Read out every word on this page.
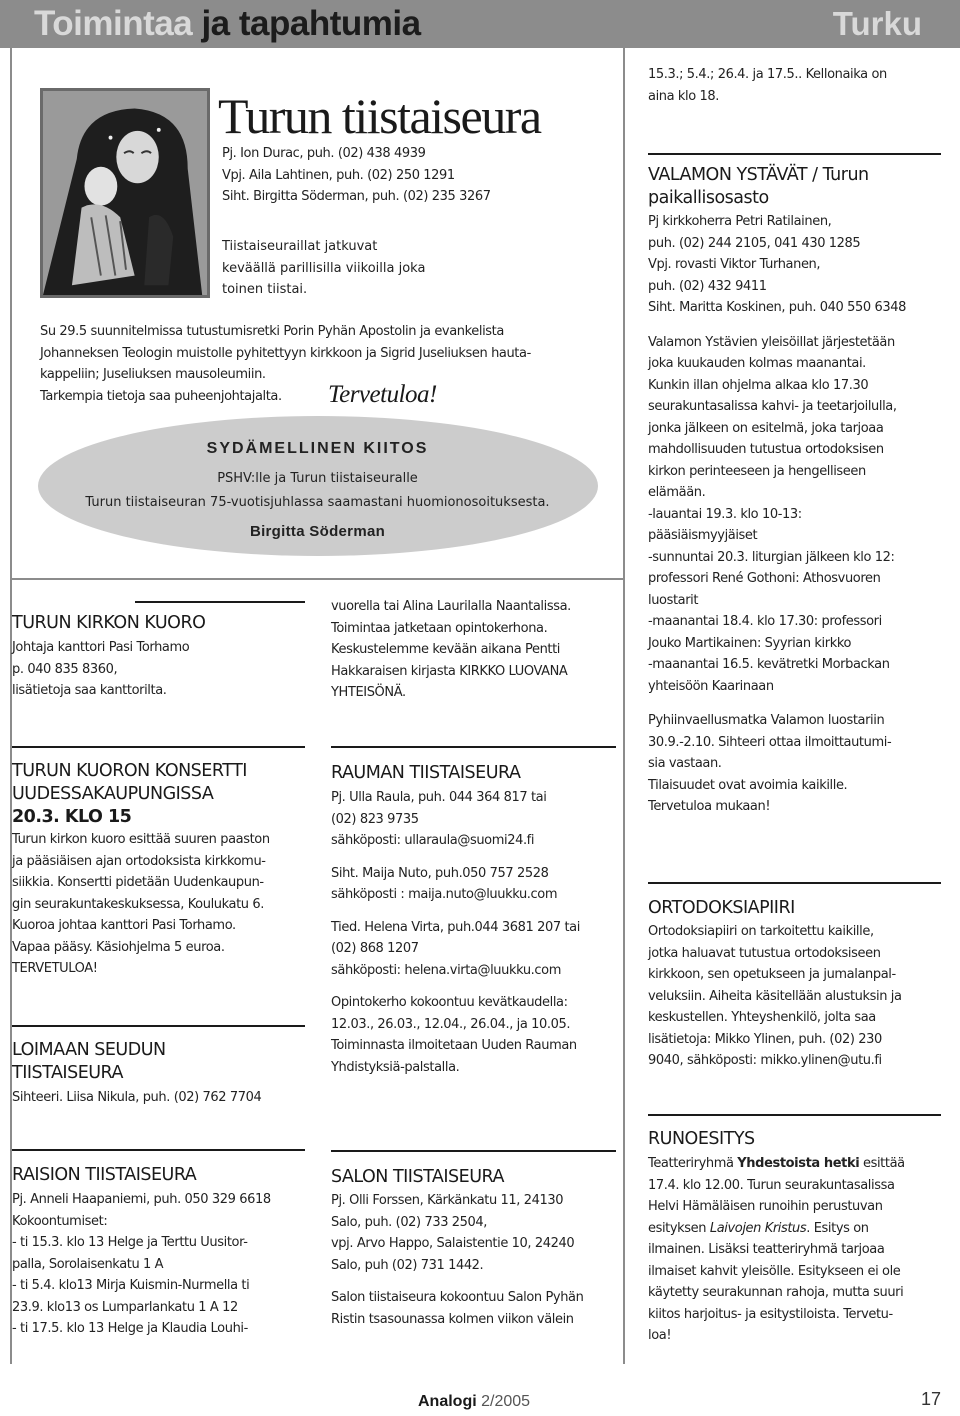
Toimintaa ja tapahtumia	Turku
Turun tiistaiseura
Pj. Ion Durac, puh. (02) 438 4939
Vpj. Aila Lahtinen, puh. (02) 250 1291
Siht. Birgitta Söderman, puh. (02) 235 3267
Tiistaiseuraillat jatkuvat
keväällä parillisilla viikoilla joka
toinen tiistai.
Su 29.5 suunnitelmissa tutustumisretki Porin Pyhän Apostolin ja evankelista
Johanneksen Teologin muistolle pyhitettyyn kirkkoon ja Sigrid Juseliuksen hauta-
kappeliin; Juseliuksen mausoleumiin.
Tarkempia tietoja saa puheenjohtajalta.	Tervetuloa!
SYDÄMELLINEN KIITOS
PSHV:lle ja Turun tiistaiseuralle
Turun tiistaiseuran 75-vuotisjuhlassa saamastani huomionosoituksesta.
Birgitta Söderman
TURUN KIRKON KUORO
Johtaja kanttori Pasi Torhamo
p. 040 835 8360,
lisätietoja saa kanttorilta.
TURUN KUORON KONSERTTI
UUDESSAKAUPUNGISSA
20.3. KLO 15
Turun kirkon kuoro esittää suuren paaston
ja pääsiäisen ajan ortodoksista kirkkomu-
siikkia. Konsertti pidetään Uudenkaupun-
gin seurakuntakeskuksessa, Koulukatu 6.
Kuoroa johtaa kanttori Pasi Torhamo.
Vapaa pääsy. Käsiohjelma 5 euroa.
TERVETULOA!
LOIMAAN SEUDUN
TIISTAISEURA
Sihteeri. Liisa Nikula, puh. (02) 762 7704
RAISION TIISTAISEURA
Pj. Anneli Haapaniemi, puh. 050 329 6618
Kokoontumiset:
- ti 15.3. klo 13 Helge ja Terttu Uusitor-
palla, Sorolaisenkatu 1 A
- ti 5.4. klo13 Mirja Kuismin-Nurmella ti
23.9. klo13 os Lumparlankatu 1 A 12
- ti 17.5. klo 13 Helge ja Klaudia Louhi-
vuorella tai Alina Laurilalla Naantalissa.
Toimintaa jatketaan opintokerhona.
Keskustelemme kevään aikana Pentti
Hakkaraisen kirjasta KIRKKO LUOVANA
YHTEISÖNÄ.
RAUMAN TIISTAISEURA
Pj. Ulla Raula, puh. 044 364 817 tai
(02) 823 9735
sähköposti: ullaraula@suomi24.fi
Siht. Maija Nuto, puh.050 757 2528
sähköposti : maija.nuto@luukku.com
Tied. Helena Virta, puh.044 3681 207 tai
(02) 868 1207
sähköposti: helena.virta@luukku.com
Opintokerho kokoontuu kevätkaudella:
12.03., 26.03., 12.04., 26.04., ja 10.05.
Toiminnasta ilmoitetaan Uuden Rauman
Yhdistyksiä-palstalla.
SALON TIISTAISEURA
Pj. Olli Forssen, Kärkänkatu 11, 24130
Salo, puh. (02) 733 2504,
vpj. Arvo Happo, Salaistentie 10, 24240
Salo, puh (02) 731 1442.
Salon tiistaiseura kokoontuu Salon Pyhän
Ristin tsasounassa kolmen viikon välein
15.3.; 5.4.; 26.4. ja 17.5.. Kellonaika on
aina klo 18.
VALAMON YSTÄVÄT / Turun
paikallisosasto
Pj kirkkoherra Petri Ratilainen,
puh. (02) 244 2105, 041 430 1285
Vpj. rovasti Viktor Turhanen,
puh. (02) 432 9411
Siht. Maritta Koskinen, puh. 040 550 6348
Valamon Ystävien yleisöillat järjestetään
joka kuukauden kolmas maanantai.
Kunkin illan ohjelma alkaa klo 17.30
seurakuntasalissa kahvi- ja teetarjoilulla,
jonka jälkeen on esitelmä, joka tarjoaa
mahdollisuuden tutustua ortodoksisen
kirkon perinteeseen ja hengelliseen
elämään.
-lauantai 19.3. klo 10-13:
pääsiäismyyjäiset
-sunnuntai 20.3. liturgian jälkeen klo 12:
professori René Gothoni: Athosvuoren
luostarit
-maanantai 18.4. klo 17.30: professori
Jouko Martikainen: Syyrian kirkko
-maanantai 16.5. kevätretki Morbackan
yhteisöön Kaarinaan
Pyhiinvaellusmatka Valamon luostariin
30.9.-2.10. Sihteeri ottaa ilmoittautumi-
sia vastaan.
Tilaisuudet ovat avoimia kaikille.
Tervetuloa mukaan!
ORTODOKSIAPIIRI
Ortodoksiapiiri on tarkoitettu kaikille,
jotka haluavat tutustua ortodoksiseen
kirkkoon, sen opetukseen ja jumalanpal-
veluksiin. Aiheita käsitellään alustuksin ja
keskustellen. Yhteyshenkilö, jolta saa
lisätietoja: Mikko Ylinen, puh. (02) 230
9040, sähköposti: mikko.ylinen@utu.fi
RUNOESITYS
Teatteriryhmä Yhdestoista hetki esittää
17.4. klo 12.00. Turun seurakuntasalissa
Helvi Hämäläisen runoihin perustuvan
esityksen Laivojen Kristus. Esitys on
ilmainen. Lisäksi teatteriryhmä tarjoaa
ilmaiset kahvit yleisölle. Esitykseen ei ole
käytetty seurakunnan rahoja, mutta suuri
kiitos harjoitus- ja esitystiloista. Tervetu-
loa!
Analogi 2/2005	17
